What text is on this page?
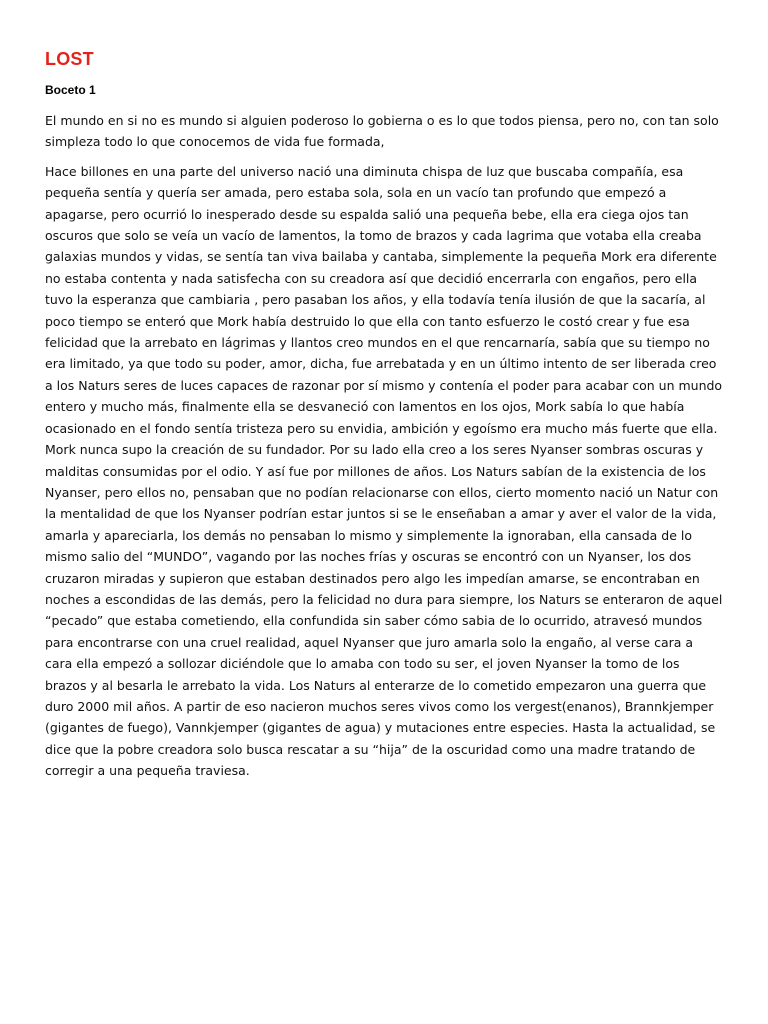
LOST
Boceto 1

El mundo en si no es mundo si alguien poderoso lo gobierna o es lo que todos piensa, pero no, con tan solo simpleza todo lo que conocemos de vida fue formada,

Hace billones en una parte del universo nació una diminuta chispa de luz que buscaba compañía, esa pequeña sentía y quería ser amada, pero estaba sola, sola en un vacío tan profundo que empezó a apagarse, pero ocurrió lo inesperado desde su espalda salió una pequeña bebe, ella era ciega ojos tan oscuros que solo se veía un vacío de lamentos, la tomo de brazos y cada lagrima que votaba ella creaba galaxias mundos y vidas, se sentía tan viva bailaba y cantaba, simplemente la pequeña Mork era diferente no estaba contenta y nada satisfecha con su creadora así que decidió encerrarla con engaños, pero ella tuvo la esperanza que cambiaria , pero pasaban los años, y ella todavía tenía ilusión de que la sacaría, al poco tiempo se enteró que Mork había destruido lo que ella con tanto esfuerzo le costó crear y fue esa felicidad que la arrebato en lágrimas y llantos creo mundos en el que rencarnaría, sabía que su tiempo no era limitado, ya que todo su poder, amor, dicha, fue arrebatada y en un último intento de ser liberada creo a los Naturs seres de luces capaces de razonar por sí mismo y contenía el poder para acabar con un mundo entero y mucho más, finalmente ella se desvaneció con lamentos en los ojos, Mork sabía lo que había ocasionado en el fondo sentía tristeza pero su envidia, ambición y egoísmo era mucho más fuerte que ella. Mork nunca supo la creación de su fundador. Por su lado ella creo a los seres Nyanser sombras oscuras y malditas consumidas por el odio. Y así fue por millones de años. Los Naturs sabían de la existencia de los Nyanser, pero ellos no, pensaban que no podían relacionarse con ellos, cierto momento nació un Natur con la mentalidad de que los Nyanser podrían estar juntos si se le enseñaban a amar y aver el valor de la vida, amarla y apareciarla, los demás no pensaban lo mismo y simplemente la ignoraban, ella cansada de lo mismo salio del “MUNDO”, vagando por las noches frías y oscuras se encontró con un Nyanser, los dos cruzaron miradas y supieron que estaban destinados pero algo les impedían amarse, se encontraban en noches a escondidas de las demás, pero la felicidad no dura para siempre, los Naturs se enteraron de aquel “pecado” que estaba cometiendo, ella confundida sin saber cómo sabia de lo ocurrido, atravesó mundos para encontrarse con una cruel realidad, aquel Nyanser que juro amarla solo la engaño, al verse cara a cara ella empezó a sollozar diciéndole que lo amaba con todo su ser, el joven Nyanser la tomo de los brazos y al besarla le arrebato la vida. Los Naturs al enterarze de lo cometido empezaron una guerra que duro 2000 mil años. A partir de eso nacieron muchos seres vivos como los vergest(enanos), Brannkjemper (gigantes de fuego), Vannkjemper (gigantes de agua) y mutaciones entre especies. Hasta la actualidad, se dice que la pobre creadora solo busca rescatar a su “hija” de la oscuridad como una madre tratando de corregir a una pequeña traviesa.
